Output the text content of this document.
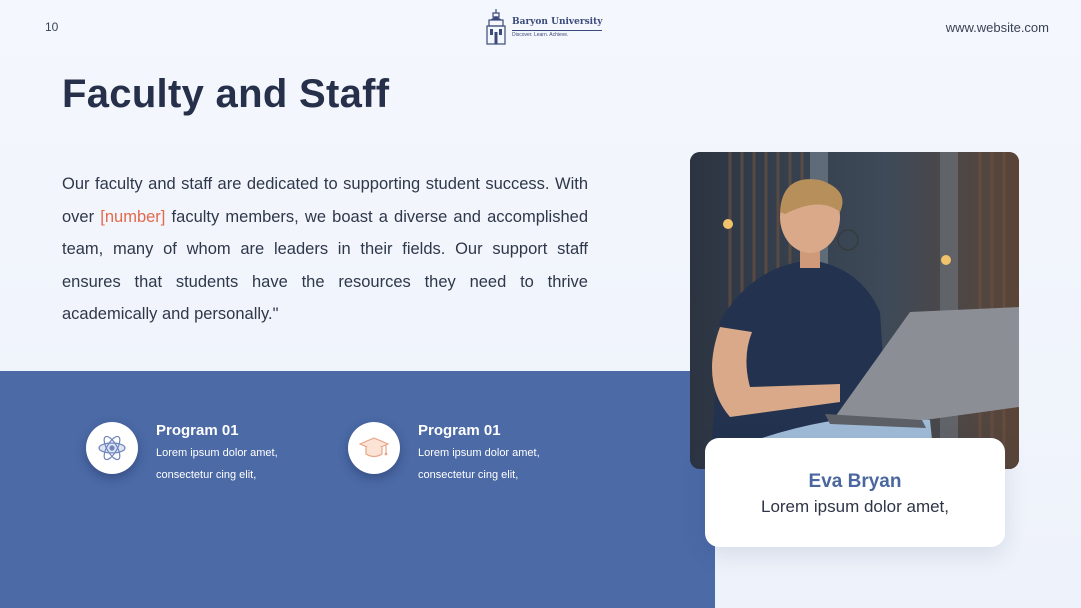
10	Baryon University
Discover. Learn. Achieve.	www.website.com
Faculty and Staff
Our faculty and staff are dedicated to supporting student success. With over [number] faculty members, we boast a diverse and accomplished team, many of whom are leaders in their fields. Our support staff ensures that students have the resources they need to thrive academically and personally."
Program 01
Lorem ipsum dolor amet, consectetur cing elit,
Program 01
Lorem ipsum dolor amet, consectetur cing elit,	Eva Bryan
Lorem ipsum dolor amet,
